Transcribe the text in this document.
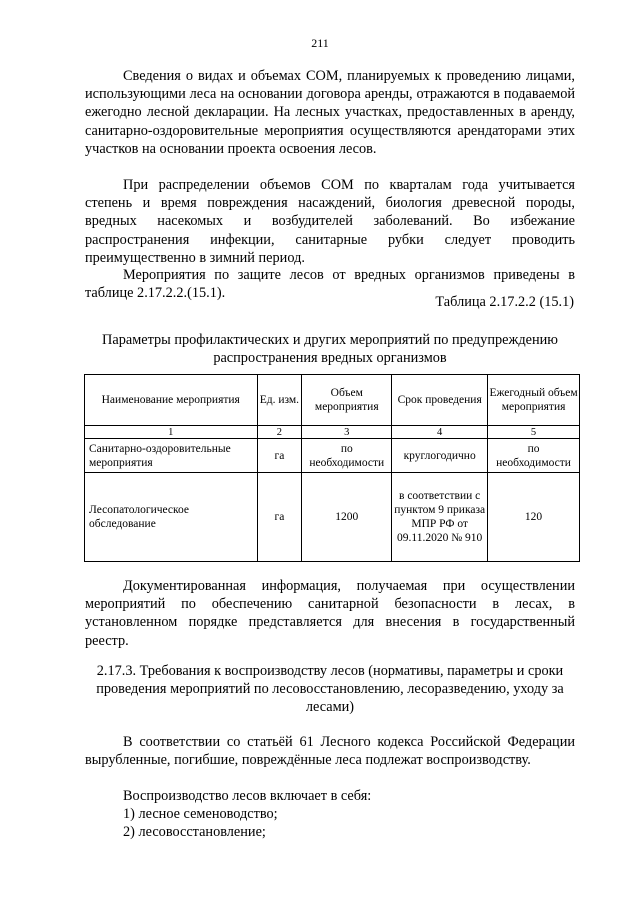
211

Сведения о видах и объемах СОМ, планируемых к проведению лицами, использующими леса на основании договора аренды, отражаются в подаваемой ежегодно лесной декларации. На лесных участках, предоставленных в аренду, санитарно-оздоровительные мероприятия осуществляются арендаторами этих участков на основании проекта освоения лесов.

При распределении объемов СОМ по кварталам года учитывается степень и время повреждения насаждений, биология древесной породы, вредных насекомых и возбудителей заболеваний. Во избежание распространения инфекции, санитарные рубки следует проводить преимущественно в зимний период.

Мероприятия по защите лесов от вредных организмов приведены в таблице 2.17.2.2.(15.1).

Таблица 2.17.2.2 (15.1)

Параметры профилактических и других мероприятий по предупреждению распространения вредных организмов

Наименование мероприятия	Ед. изм.	Объем мероприятия	Срок проведения	Ежегодный объем мероприятия
1	2	3	4	5
Санитарно-оздоровительные мероприятия	га	по необходимости	круглогодично	по необходимости
Лесопатологическое обследование	га	1200	в соответствии с пунктом 9 приказа МПР РФ от 09.11.2020 № 910	120

Документированная информация, получаемая при осуществлении мероприятий по обеспечению санитарной безопасности в лесах, в установленном порядке представляется для внесения в государственный реестр.

2.17.3. Требования к воспроизводству лесов (нормативы, параметры и сроки проведения мероприятий по лесовосстановлению, лесоразведению, уходу за лесами)

В соответствии со статьёй 61 Лесного кодекса Российской Федерации вырубленные, погибшие, повреждённые леса подлежат воспроизводству.

Воспроизводство лесов включает в себя:

1) лесное семеноводство;

2) лесовосстановление;
